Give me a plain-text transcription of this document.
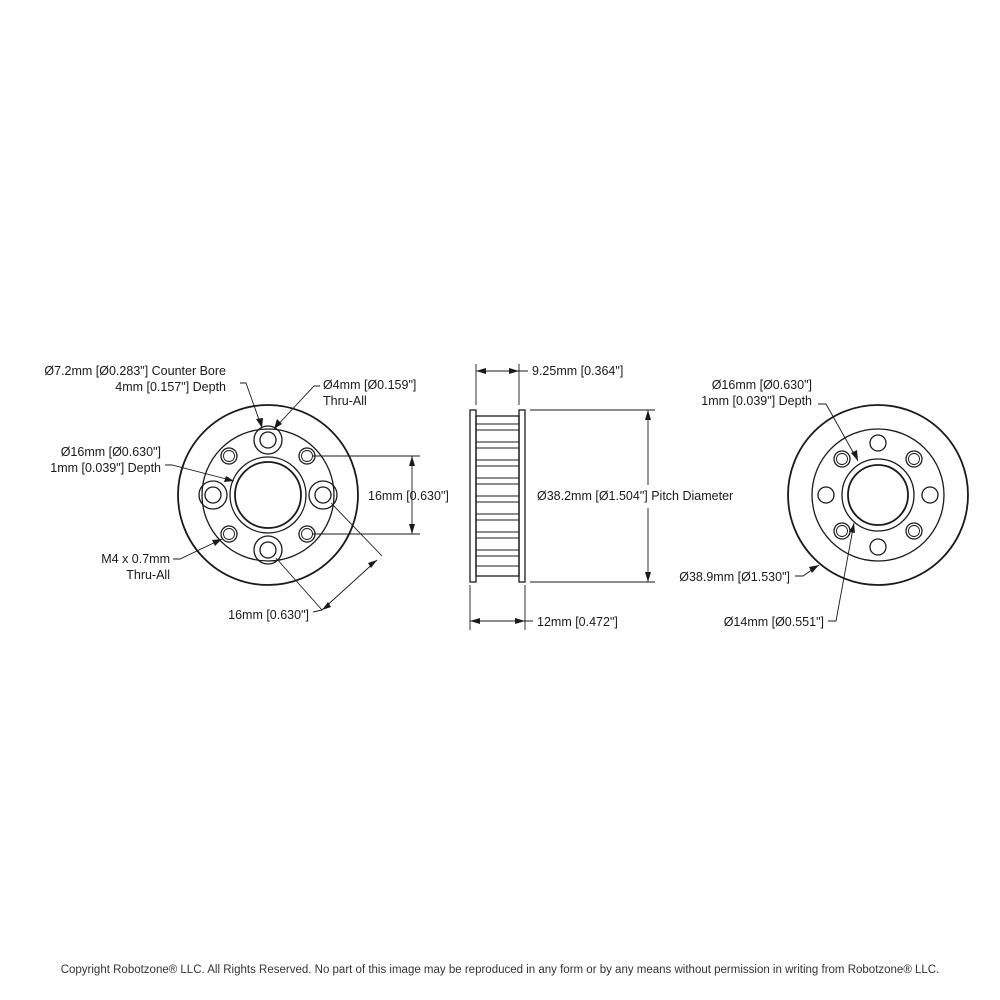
Ø7.2mm [Ø0.283"] Counter Bore
4mm [0.157"] Depth	Ø4mm [Ø0.159"]
Thru-All
Ø16mm [Ø0.630"]
1mm [0.039"] Depth
16mm [0.630"]
M4 x 0.7mm
Thru-All
16mm [0.630"]
9.25mm [0.364"]
Ø38.2mm [Ø1.504"] Pitch Diameter
12mm [0.472"]
Ø16mm [Ø0.630"]
1mm [0.039"] Depth
Ø38.9mm [Ø1.530"]
Ø14mm [Ø0.551"]
Copyright Robotzone® LLC. All Rights Reserved. No part of this image may be reproduced in any form or by any means without permission in writing from Robotzone® LLC.
